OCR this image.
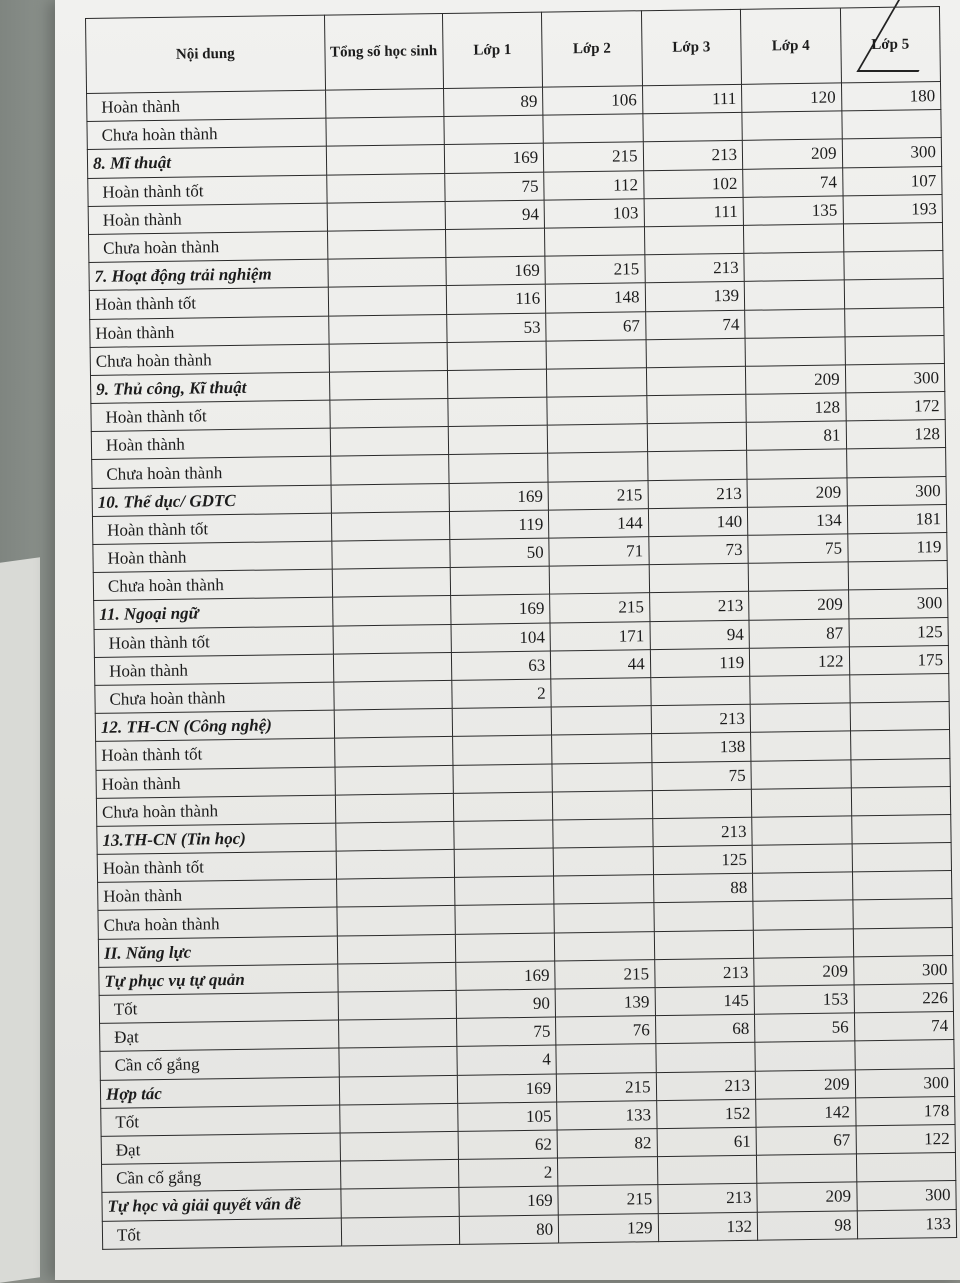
Nội dung	Tổng số học sinh	Lớp 1	Lớp 2	Lớp 3	Lớp 4	Lớp 5
Hoàn thành		89	106	111	120	180
Chưa hoàn thành						
8. Mĩ thuật		169	215	213	209	300
Hoàn thành tốt		75	112	102	74	107
Hoàn thành		94	103	111	135	193
Chưa hoàn thành						
7. Hoạt động trải nghiệm		169	215	213		
Hoàn thành tốt		116	148	139		
Hoàn thành		53	67	74		
Chưa hoàn thành						
9. Thủ công, Kĩ thuật					209	300
Hoàn thành tốt					128	172
Hoàn thành					81	128
Chưa hoàn thành						
10. Thể dục/ GDTC		169	215	213	209	300
Hoàn thành tốt		119	144	140	134	181
Hoàn thành		50	71	73	75	119
Chưa hoàn thành						
11. Ngoại ngữ		169	215	213	209	300
Hoàn thành tốt		104	171	94	87	125
Hoàn thành		63	44	119	122	175
Chưa hoàn thành		2				
12. TH-CN (Công nghệ)				213		
Hoàn thành tốt				138		
Hoàn thành				75		
Chưa hoàn thành						
13.TH-CN (Tin học)				213		
Hoàn thành tốt				125		
Hoàn thành				88		
Chưa hoàn thành						
II. Năng lực						
Tự phục vụ tự quản		169	215	213	209	300
Tốt		90	139	145	153	226
Đạt		75	76	68	56	74
Cần cố gắng		4				
Hợp tác		169	215	213	209	300
Tốt		105	133	152	142	178
Đạt		62	82	61	67	122
Cần cố gắng		2				
Tự học và giải quyết vấn đề		169	215	213	209	300
Tốt		80	129	132	98	133
